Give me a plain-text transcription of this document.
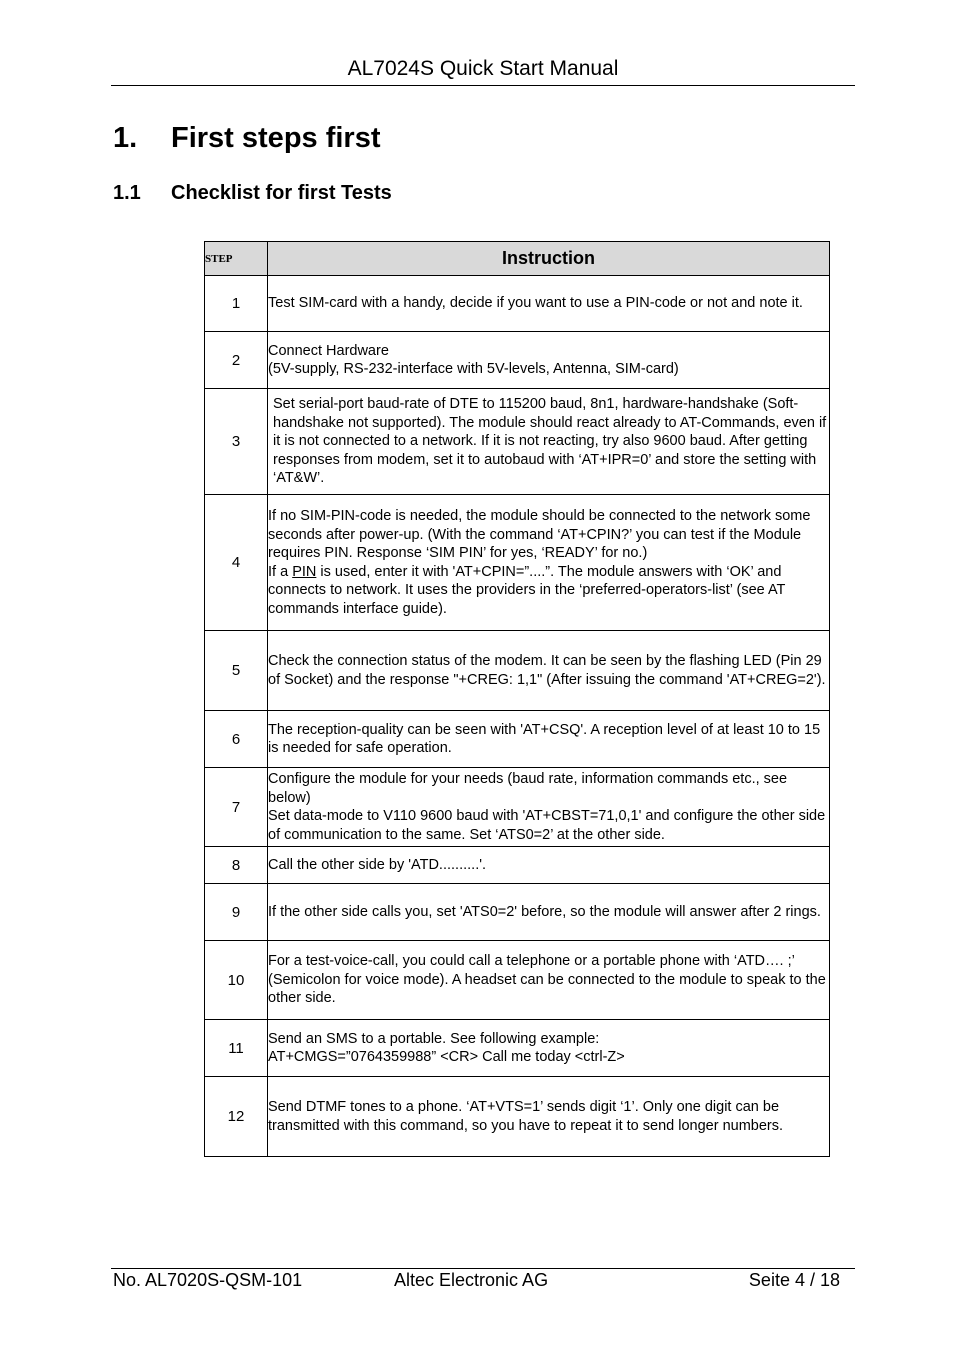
AL7024S Quick Start Manual
1. First steps first
1.1 Checklist for first Tests
STEP	Instruction
1	Test SIM-card with a handy, decide if you want to use a PIN-code or not and note it.
2	Connect Hardware
(5V-supply, RS-232-interface with 5V-levels, Antenna, SIM-card)
3	Set serial-port baud-rate of DTE to 115200 baud, 8n1, hardware-handshake (Soft-handshake not supported). The module should react already to AT-Commands, even if it is not connected to a network. If it is not reacting, try also 9600 baud. After getting responses from modem, set it to autobaud with ‘AT+IPR=0’ and store the setting with ‘AT&W’.
4	If no SIM-PIN-code is needed, the module should be connected to the network some seconds after power-up. (With the command ‘AT+CPIN?’ you can test if the Module requires PIN. Response ‘SIM PIN’ for yes, ‘READY’ for no.)
If a PIN is used, enter it with 'AT+CPIN=”....”. The module answers with ‘OK’ and connects to network. It uses the providers in the ‘preferred-operators-list’ (see AT commands interface guide).
5	Check the connection status of the modem. It can be seen by the flashing LED (Pin 29 of Socket) and the response "+CREG: 1,1" (After issuing the command 'AT+CREG=2').
6	The reception-quality can be seen with 'AT+CSQ'. A reception level of at least 10 to 15 is needed for safe operation.
7	Configure the module for your needs (baud rate, information commands etc., see below)
Set data-mode to V110 9600 baud with 'AT+CBST=71,0,1' and configure the other side of communication to the same. Set ‘ATS0=2’ at the other side.
8	Call the other side by 'ATD..........'.
9	If the other side calls you, set 'ATS0=2' before, so the module will answer after 2 rings.
10	For a test-voice-call, you could call a telephone or a portable phone with ‘ATD…. ;’ (Semicolon for voice mode). A headset can be connected to the module to speak to the other side.
11	Send an SMS to a portable. See following example:
AT+CMGS=”0764359988” <CR> Call me today <ctrl-Z>
12	Send DTMF tones to a phone. ‘AT+VTS=1’ sends digit ‘1’. Only one digit can be transmitted with this command, so you have to repeat it to send longer numbers.
No. AL7020S-QSM-101	Altec Electronic AG	Seite 4 / 18
